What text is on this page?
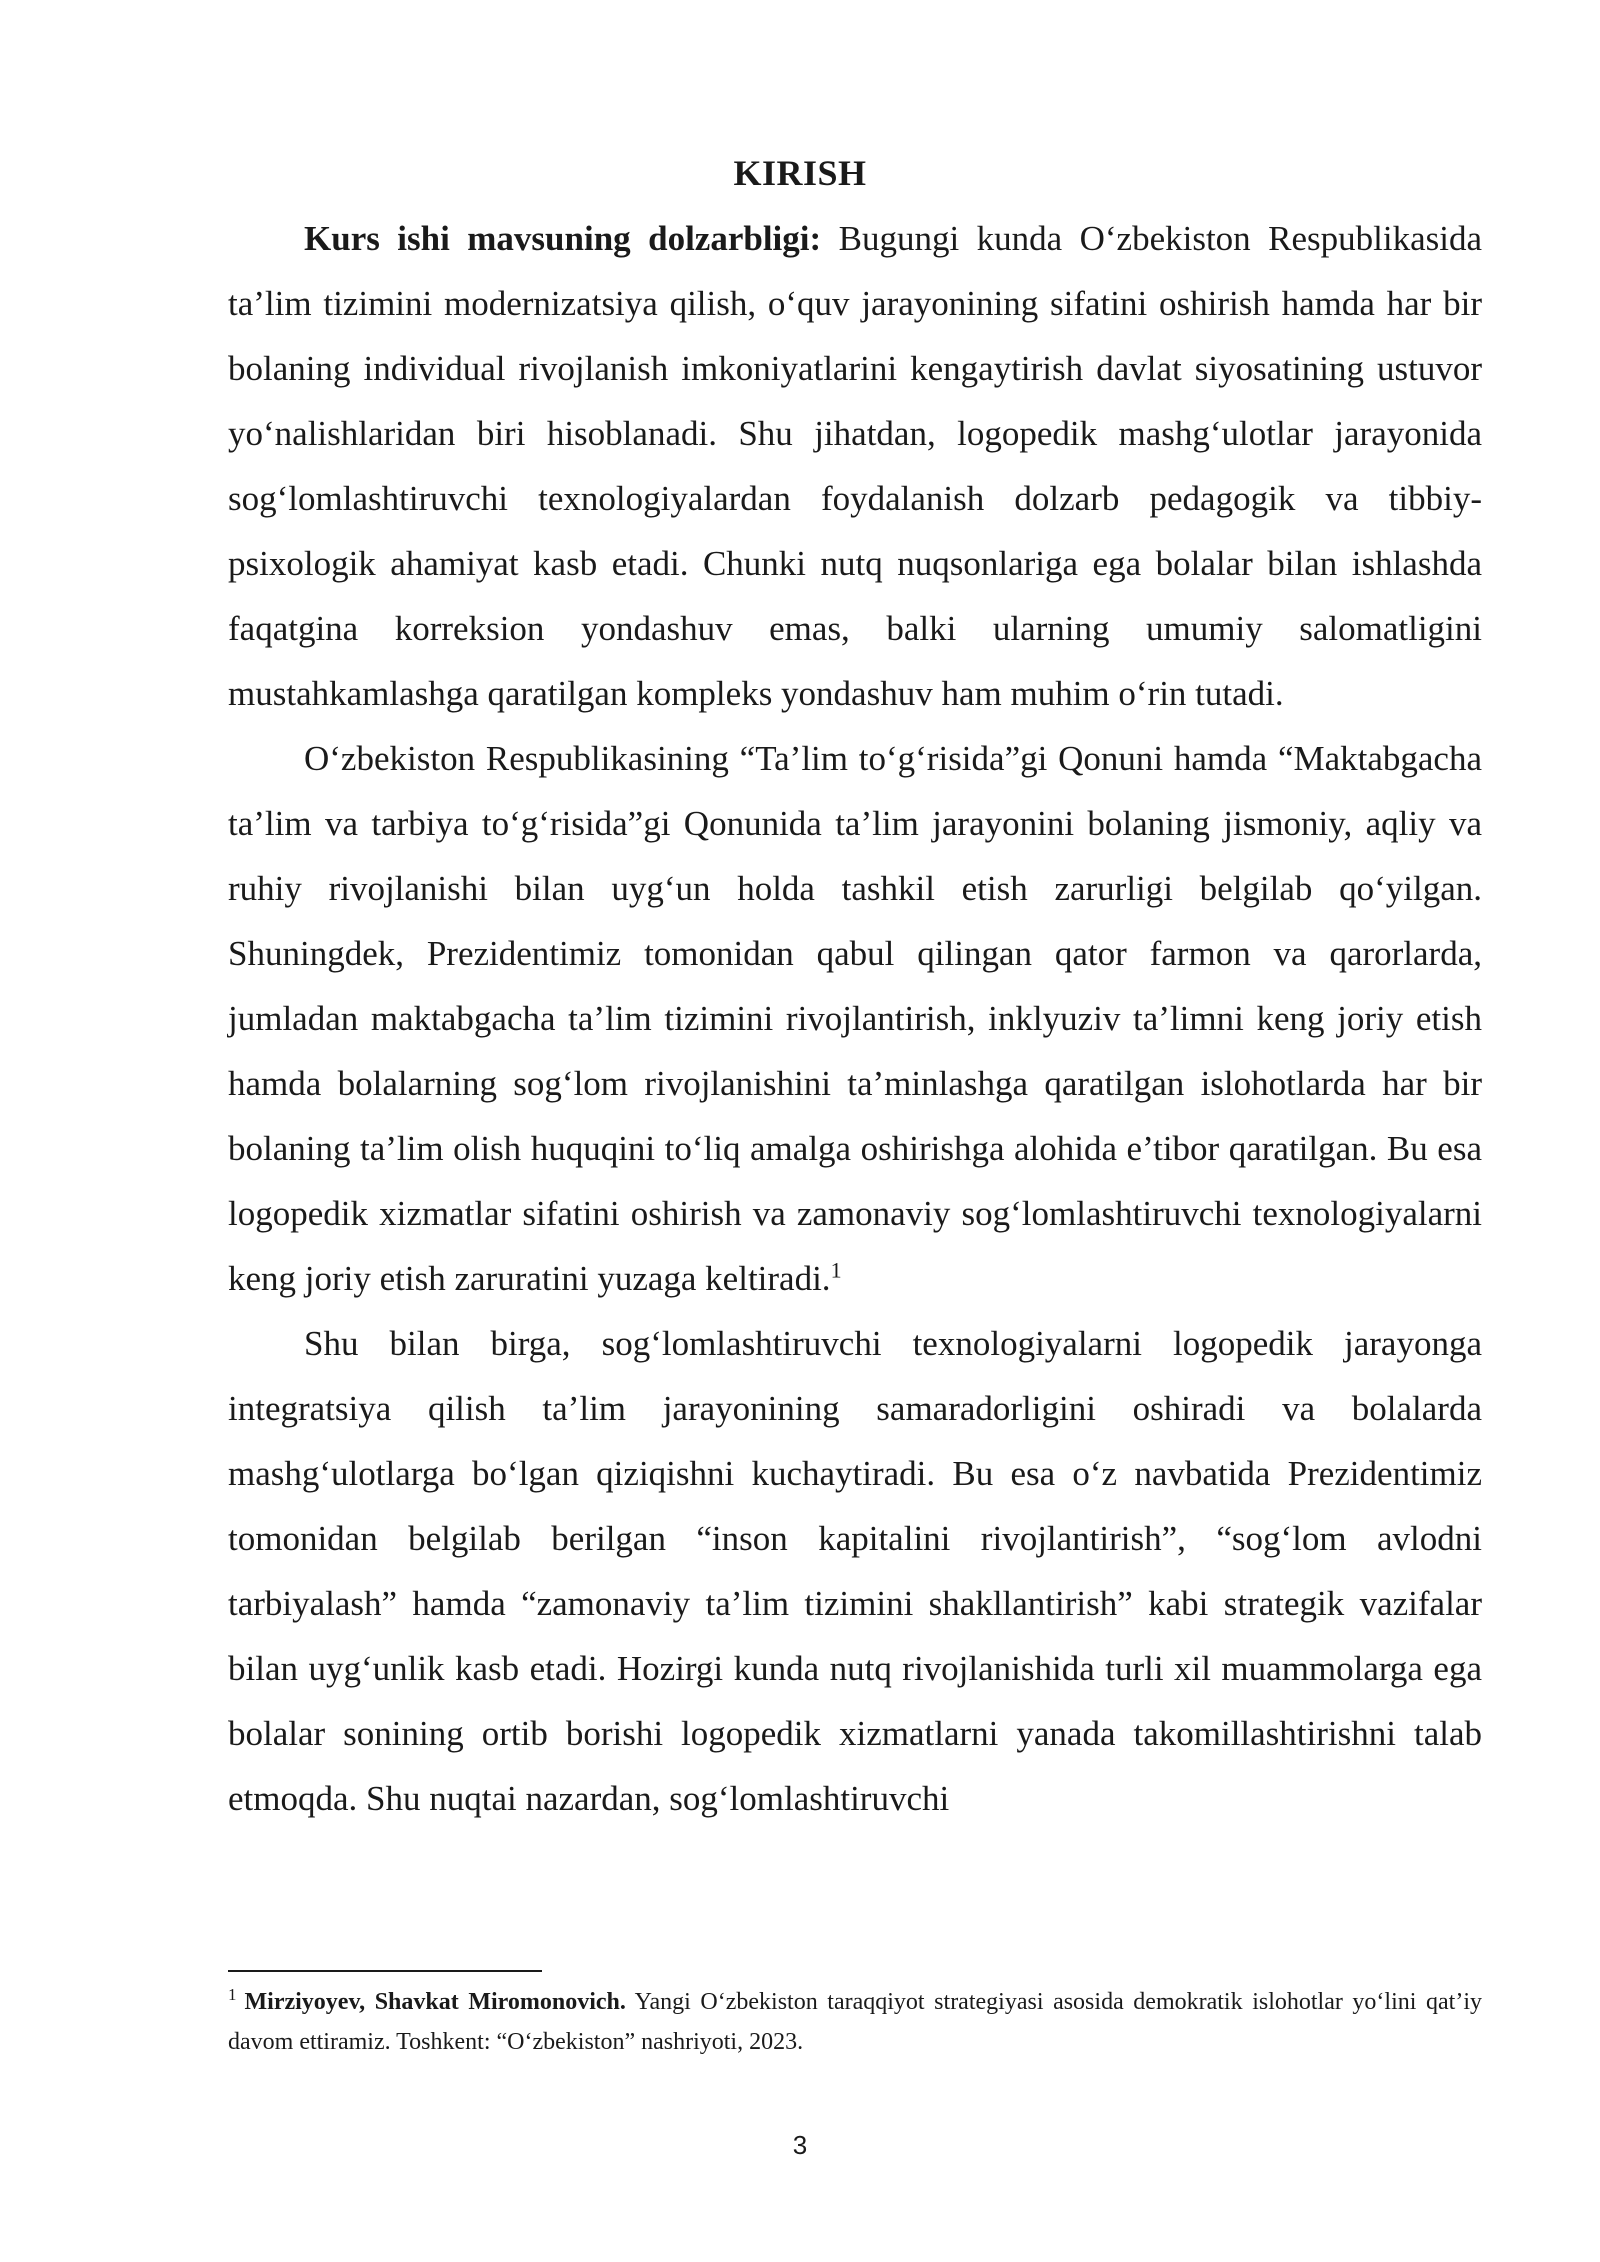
KIRISH

Kurs ishi mavsuning dolzarbligi: Bugungi kunda O‘zbekiston Respublikasida ta’lim tizimini modernizatsiya qilish, o‘quv jarayonining sifatini oshirish hamda har bir bolaning individual rivojlanish imkoniyatlarini kengaytirish davlat siyosatining ustuvor yo‘nalishlaridan biri hisoblanadi. Shu jihatdan, logopedik mashg‘ulotlar jarayonida sog‘lomlashtiruvchi texnologiyalardan foydalanish dolzarb pedagogik va tibbiy-psixologik ahamiyat kasb etadi. Chunki nutq nuqsonlariga ega bolalar bilan ishlashda faqatgina korreksion yondashuv emas, balki ularning umumiy salomatligini mustahkamlashga qaratilgan kompleks yondashuv ham muhim o‘rin tutadi.

O‘zbekiston Respublikasining “Ta’lim to‘g‘risida”gi Qonuni hamda “Maktabgacha ta’lim va tarbiya to‘g‘risida”gi Qonunida ta’lim jarayonini bolaning jismoniy, aqliy va ruhiy rivojlanishi bilan uyg‘un holda tashkil etish zarurligi belgilab qo‘yilgan. Shuningdek, Prezidentimiz tomonidan qabul qilingan qator farmon va qarorlarda, jumladan maktabgacha ta’lim tizimini rivojlantirish, inklyuziv ta’limni keng joriy etish hamda bolalarning sog‘lom rivojlanishini ta’minlashga qaratilgan islohotlarda har bir bolaning ta’lim olish huquqini to‘liq amalga oshirishga alohida e’tibor qaratilgan. Bu esa logopedik xizmatlar sifatini oshirish va zamonaviy sog‘lomlashtiruvchi texnologiyalarni keng joriy etish zaruratini yuzaga keltiradi.$^1$

Shu bilan birga, sog‘lomlashtiruvchi texnologiyalarni logopedik jarayonga integratsiya qilish ta’lim jarayonining samaradorligini oshiradi va bolalarda mashg‘ulotlarga bo‘lgan qiziqishni kuchaytiradi. Bu esa o‘z navbatida Prezidentimiz tomonidan belgilab berilgan “inson kapitalini rivojlantirish”, “sog‘lom avlodni tarbiyalash” hamda “zamonaviy ta’lim tizimini shakllantirish” kabi strategik vazifalar bilan uyg‘unlik kasb etadi. Hozirgi kunda nutq rivojlanishida turli xil muammolarga ega bolalar sonining ortib borishi logopedik xizmatlarni yanada takomillashtirishni talab etmoqda. Shu nuqtai nazardan, sog‘lomlashtiruvchi

$^1$ Mirziyoyev, Shavkat Miromonovich. Yangi O‘zbekiston taraqqiyot strategiyasi asosida demokratik islohotlar yo‘lini qat’iy davom ettiramiz. Toshkent: “O‘zbekiston” nashriyoti, 2023.
3
